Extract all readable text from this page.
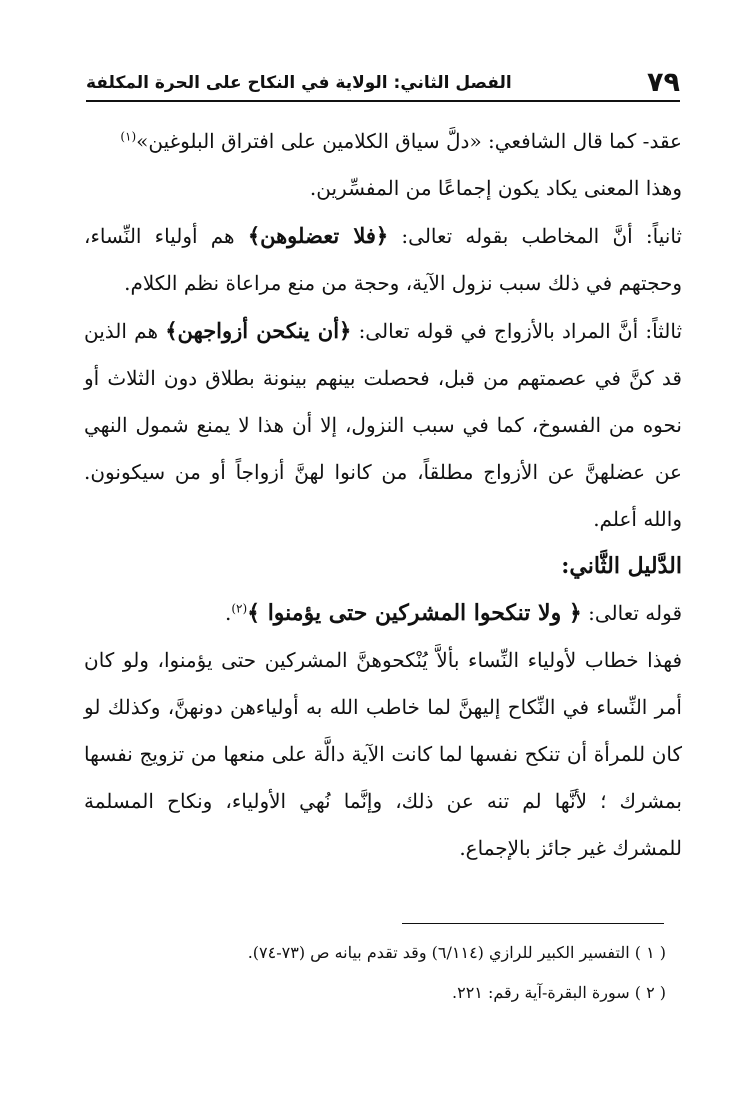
٧٩
الفصل الثاني: الولاية في النكاح على الحرة المكلفة

عقد- كما قال الشافعي: «دلَّ سياق الكلامين على افتراق البلوغين»$^{(١)}$

وهذا المعنى يكاد يكون إجماعًا من المفسِّرين.

ثانياً: أنَّ المخاطب بقوله تعالى: ﴿فلا تعضلوهن﴾ هم أولياء النِّساء، وحجتهم في ذلك سبب نزول الآية، وحجة من منع مراعاة نظم الكلام.

ثالثاً: أنَّ المراد بالأزواج في قوله تعالى: ﴿أن ينكحن أزواجهن﴾ هم الذين قد كنَّ في عصمتهم من قبل، فحصلت بينهم بينونة بطلاق دون الثلاث أو نحوه من الفسوخ، كما في سبب النزول، إلا أن هذا لا يمنع شمول النهي عن عضلهنَّ عن الأزواج مطلقاً، من كانوا لهنَّ أزواجاً أو من سيكونون. والله أعلم.

الدَّليل الثَّاني:

قوله تعالى: ﴿ ولا تنكحوا المشركين حتى يؤمنوا ﴾$^{(٢)}$.

فهذا خطاب لأولياء النِّساء بألاَّ يُنْكحوهنَّ المشركين حتى يؤمنوا، ولو كان أمر النِّساء في النِّكاح إليهنَّ لما خاطب الله به أولياءهن دونهنَّ، وكذلك لو كان للمرأة أن تنكح نفسها لما كانت الآية دالَّة على منعها من تزويج نفسها بمشرك ؛ لأنَّها لم تنه عن ذلك، وإنَّما نُهي الأولياء، ونكاح المسلمة للمشرك غير جائز بالإجماع.

( ١ ) التفسير الكبير للرازي (٦/١١٤) وقد تقدم بيانه ص (٧٣-٧٤).

( ٢ ) سورة البقرة-آية رقم: ٢٢١.
